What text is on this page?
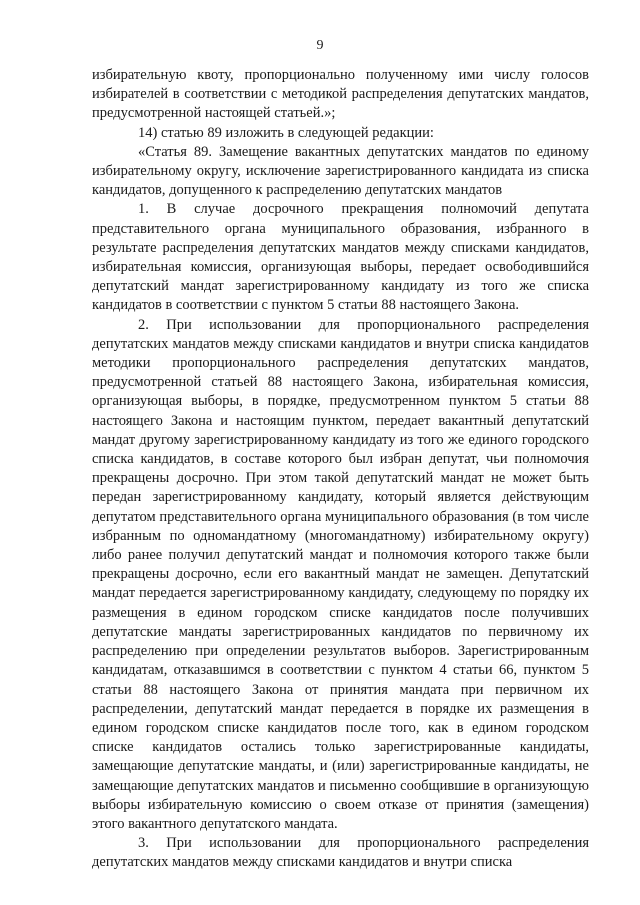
9

избирательную квоту, пропорционально полученному ими числу голосов избирателей в соответствии с методикой распределения депутатских мандатов, предусмотренной настоящей статьей.»;

14) статью 89 изложить в следующей редакции:

«Статья 89. Замещение вакантных депутатских мандатов по единому избирательному округу, исключение зарегистрированного кандидата из списка кандидатов, допущенного к распределению депутатских мандатов

1. В случае досрочного прекращения полномочий депутата представительного органа муниципального образования, избранного в результате распределения депутатских мандатов между списками кандидатов, избирательная комиссия, организующая выборы, передает освободившийся депутатский мандат зарегистрированному кандидату из того же списка кандидатов в соответствии с пунктом 5 статьи 88 настоящего Закона.

2. При использовании для пропорционального распределения депутатских мандатов между списками кандидатов и внутри списка кандидатов методики пропорционального распределения депутатских мандатов, предусмотренной статьей 88 настоящего Закона, избирательная комиссия, организующая выборы, в порядке, предусмотренном пунктом 5 статьи 88 настоящего Закона и настоящим пунктом, передает вакантный депутатский мандат другому зарегистрированному кандидату из того же единого городского списка кандидатов, в составе которого был избран депутат, чьи полномочия прекращены досрочно. При этом такой депутатский мандат не может быть передан зарегистрированному кандидату, который является действующим депутатом представительного органа муниципального образования (в том числе избранным по одномандатному (многомандатному) избирательному округу) либо ранее получил депутатский мандат и полномочия которого также были прекращены досрочно, если его вакантный мандат не замещен. Депутатский мандат передается зарегистрированному кандидату, следующему по порядку их размещения в едином городском списке кандидатов после получивших депутатские мандаты зарегистрированных кандидатов по первичному их распределению при определении результатов выборов. Зарегистрированным кандидатам, отказавшимся в соответствии с пунктом 4 статьи 66, пунктом 5 статьи 88 настоящего Закона от принятия мандата при первичном их распределении, депутатский мандат передается в порядке их размещения в едином городском списке кандидатов после того, как в едином городском списке кандидатов остались только зарегистрированные кандидаты, замещающие депутатские мандаты, и (или) зарегистрированные кандидаты, не замещающие депутатских мандатов и письменно сообщившие в организующую выборы избирательную комиссию о своем отказе от принятия (замещения) этого вакантного депутатского мандата.

3. При использовании для пропорционального распределения депутатских мандатов между списками кандидатов и внутри списка
